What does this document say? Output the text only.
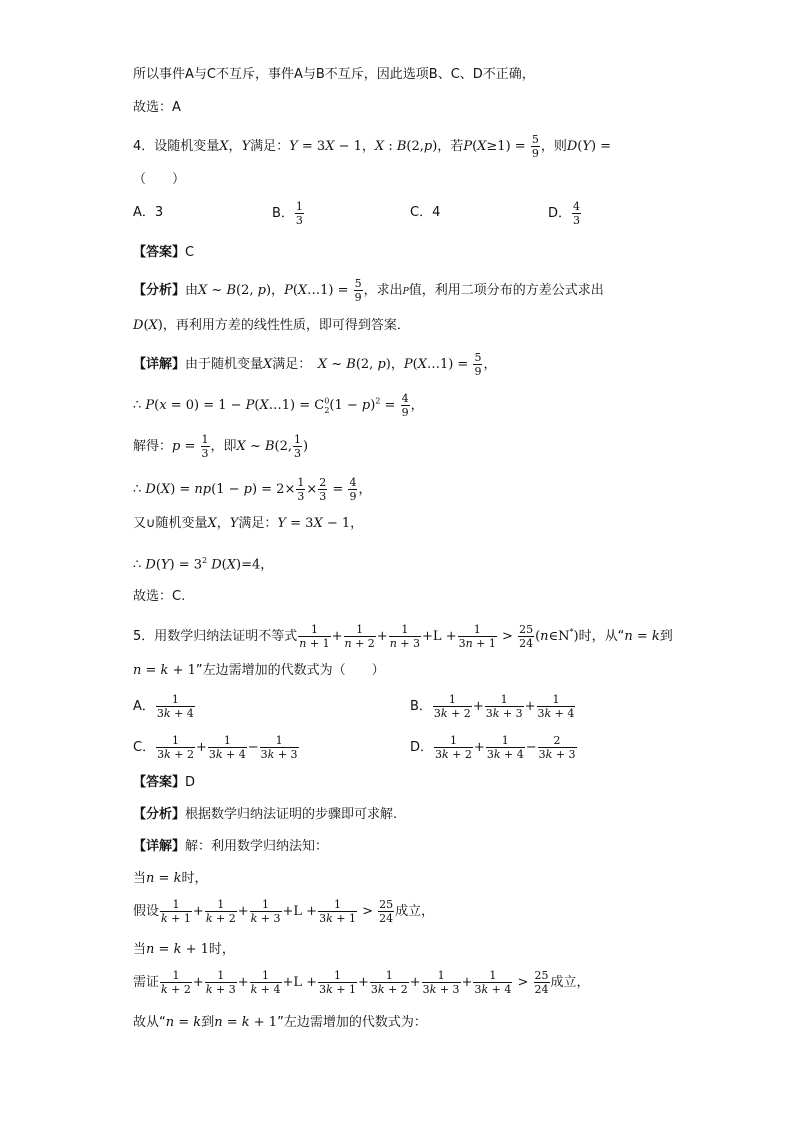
所以事件A与C不互斥，事件A与B不互斥，因此选项B、C、D不正确，
故选：A
4．设随机变量X，Y满足：Y = 3X − 1，X : B(2,p)，若$P(X\ge 1) = \frac{5}{9}$ ，则D(Y) =
（　　）
A．3	B． $\frac{1}{3}$	C．4	D． $\frac{4}{3}$
【答案】C
【分析】由X ~ B(2, p)，P(X…1) = $\frac{5}{9}$ ，求出P值，利用二项分布的方差公式求出
D(X)，再利用方差的线性性质，即可得到答案．
【详解】由于随机变量X满足：　 X ~ B(2, p)，P(X…1) = $\frac{5}{9}$ ，
∴ P(x = 0) = 1 − P(X…1) = $C^0_2(1 - p)^2 = \frac{4}{9}$ ，
解得：$p = \frac{1}{3}$ ，即X ~ B(2, $\frac{1}{3}$ )
∴ $D(X) = np(1 - p) = 2\times \frac{1}{3} \times \frac{2}{3} = \frac{4}{9}$ ，
又∪随机变量X，Y满足：Y = 3X − 1，
∴ $D(Y) = 3^2$ D(X)=4，
故选：C.
5．用数学归纳法证明不等式 $\frac{1}{n + 1} + \frac{1}{n + 2} + \frac{1}{n + 3} +L + \frac{1}{3n + 1} > \frac{25}{24}$ (n∈N*)时，从“n = k到
n = k + 1”左边需增加的代数式为（　　）
A． $\frac{1}{3k + 4}$	B． $\frac{1}{3k + 2} + \frac{1}{3k + 3} + \frac{1}{3k + 4}$
C． $\frac{1}{3k + 2} + \frac{1}{3k + 4} - \frac{1}{3k + 3}$	D． $\frac{1}{3k + 2} + \frac{1}{3k + 4} - \frac{2}{3k + 3}$
【答案】D
【分析】根据数学归纳法证明的步骤即可求解.
【详解】解：利用数学归纳法知：
当n = k时，
假设 $\frac{1}{k + 1} + \frac{1}{k + 2} + \frac{1}{k + 3} +L + \frac{1}{3k + 1} > \frac{25}{24}$ 成立，
当n = k + 1时，
需证 $\frac{1}{k + 2} + \frac{1}{k + 3} + \frac{1}{k + 4} +L + \frac{1}{3k + 1} + \frac{1}{3k + 2} + \frac{1}{3k + 3} + \frac{1}{3k + 4} > \frac{25}{24}$ 成立，
故从“n = k到n = k + 1”左边需增加的代数式为：
